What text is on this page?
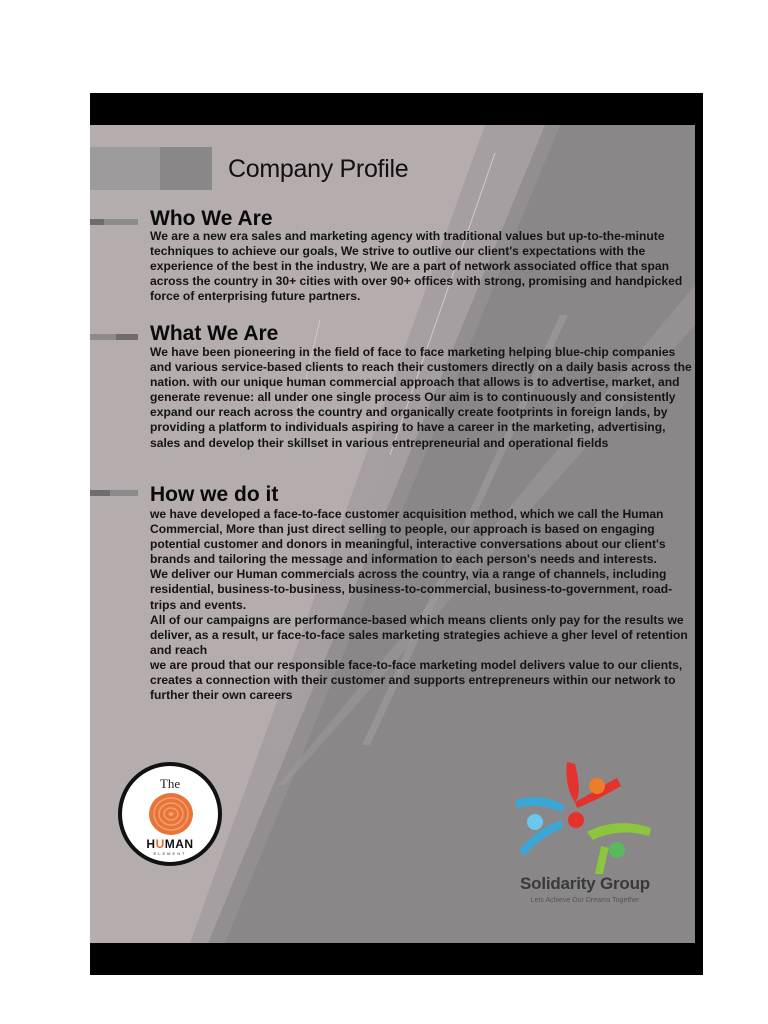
Company Profile
Who We Are

We are a new era sales and marketing agency with traditional values but up-to-the-minute techniques to achieve our goals, We strive to outlive our client's expectations with the experience of the best in the industry, We are a part of network associated office that span across the country in 30+ cities with over 90+ offices with strong, promising and handpicked force of enterprising future partners.

What We Are

We have been pioneering in the field of face to face marketing helping blue-chip companies and various service-based clients to reach their customers directly on a daily basis across the nation. with our unique human commercial approach that allows is to advertise, market, and generate revenue: all under one single process Our aim is to continuously and consistently expand our reach across the country and organically create footprints in foreign lands, by providing a platform to individuals aspiring to have a career in the marketing, advertising, sales and develop their skillset in various entrepreneurial and operational fields

How we do it

we have developed a face-to-face customer acquisition method, which we call the Human Commercial, More than just direct selling to people, our approach is based on engaging potential customer and donors in meaningful, interactive conversations about our client's brands and tailoring the message and information to each person's needs and interests.

We deliver our Human commercials across the country, via a range of channels, including residential, business-to-business, business-to-commercial, business-to-government, road-trips and events.

All of our campaigns are performance-based which means clients only pay for the results we deliver, as a result, ur face-to-face sales marketing strategies achieve a gher level of retention and reach

we are proud that our responsible face-to-face marketing model delivers value to our clients, creates a connection with their customer and supports entrepreneurs within our network to further their own careers

The
HUMAN
ELEMENT
Solidarity Group
Lets Achieve Our Dreams Together
